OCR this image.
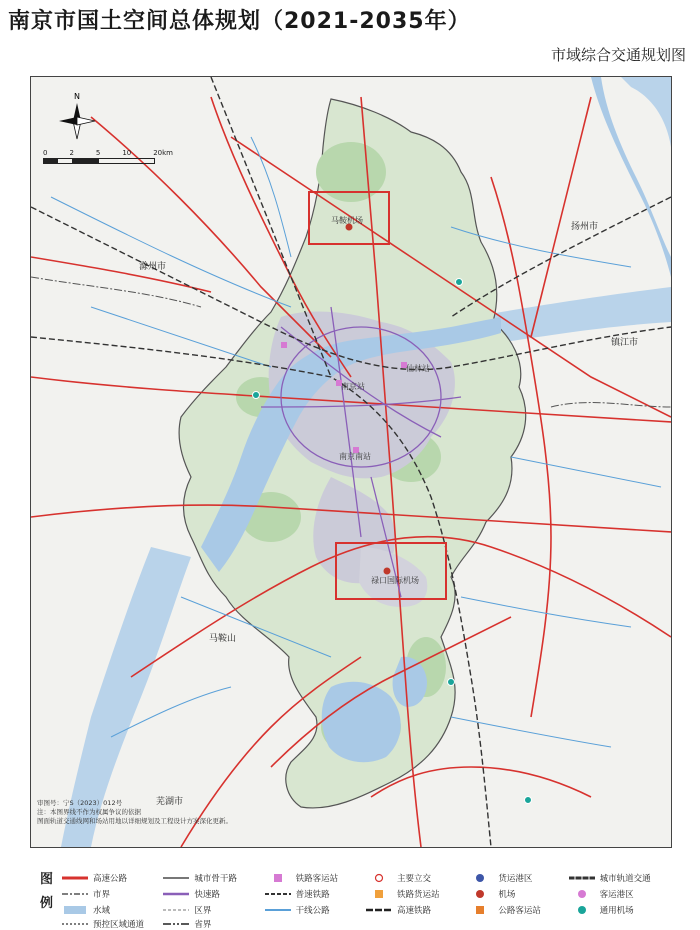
南京市国土空间总体规划（2021-2035年）
市域综合交通规划图
滁州市
扬州市
镇江市
马鞍山
芜湖市
马鞍机场
禄口国际机场
南京站
南京南站
仙林站
N
0	2	5	10	20km
审图号：宁S（2023）012号
注：本图界线不作为权属争议的依据
图面轨道交通线网和场站用地以详细规划及工程设计方案深化更新。
图例
高速公路	城市骨干路	铁路客运站	主要立交	货运港区	城市轨道交通
市界	快速路	普速铁路	铁路货运站	机场	客运港区
水域	区界	干线公路	高速铁路	公路客运站	通用机场
预控区域通道	省界
